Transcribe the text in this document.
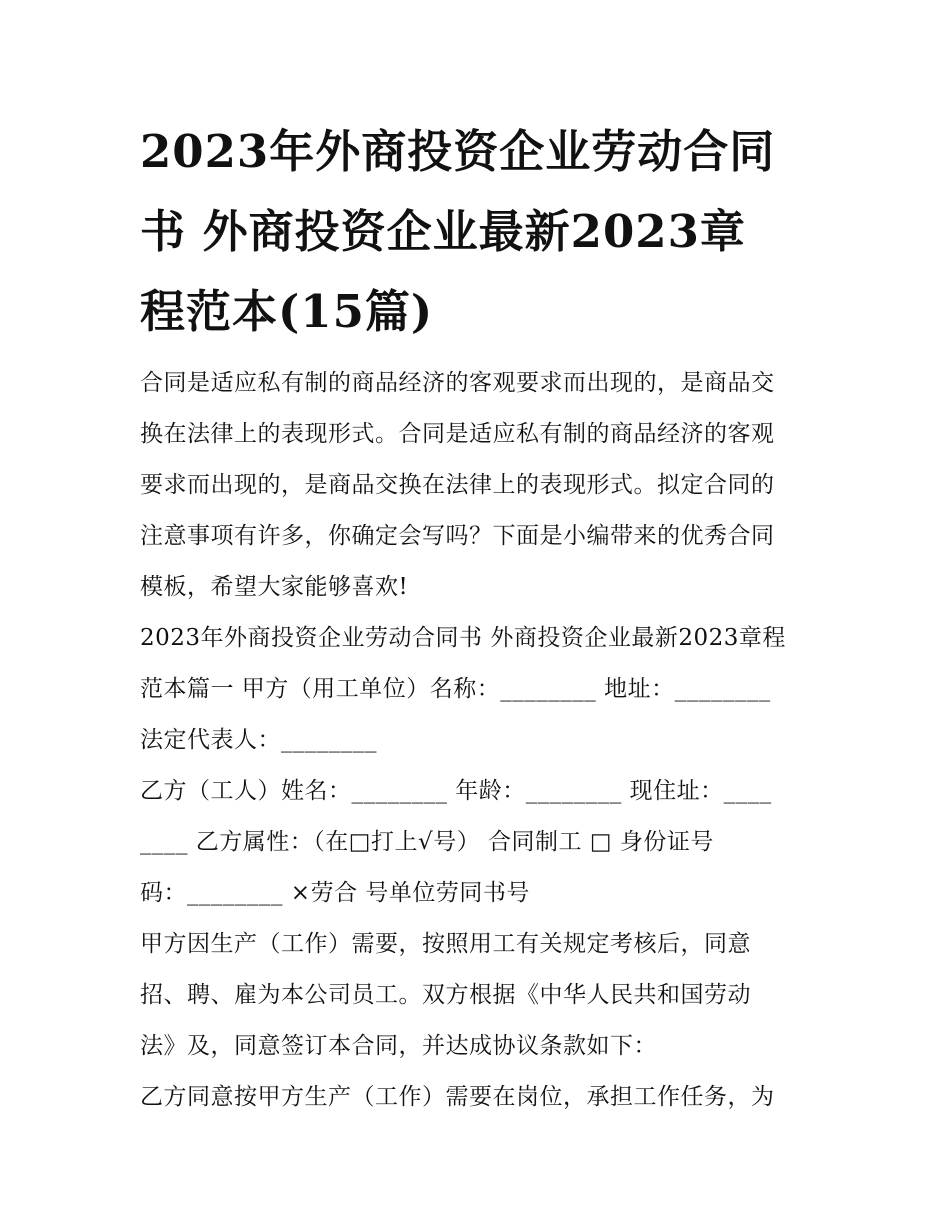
2023年外商投资企业劳动合同
书 外商投资企业最新2023章
程范本(15篇)

合同是适应私有制的商品经济的客观要求而出现的，是商品交
换在法律上的表现形式。合同是适应私有制的商品经济的客观
要求而出现的，是商品交换在法律上的表现形式。拟定合同的
注意事项有许多，你确定会写吗？下面是小编带来的优秀合同
模板，希望大家能够喜欢!

2023年外商投资企业劳动合同书 外商投资企业最新2023章程
范本篇一 甲方（用工单位）名称：________ 地址：________
法定代表人：________

乙方（工人）姓名：________ 年龄：________ 现住址：____
____ 乙方属性：（在□打上√号） 合同制工 □ 身份证号
码：________ ×劳合 号单位劳同书号

甲方因生产（工作）需要，按照用工有关规定考核后，同意
招、聘、雇为本公司员工。双方根据《中华人民共和国劳动
法》及，同意签订本合同，并达成协议条款如下：

乙方同意按甲方生产（工作）需要在岗位，承担工作任务，为
